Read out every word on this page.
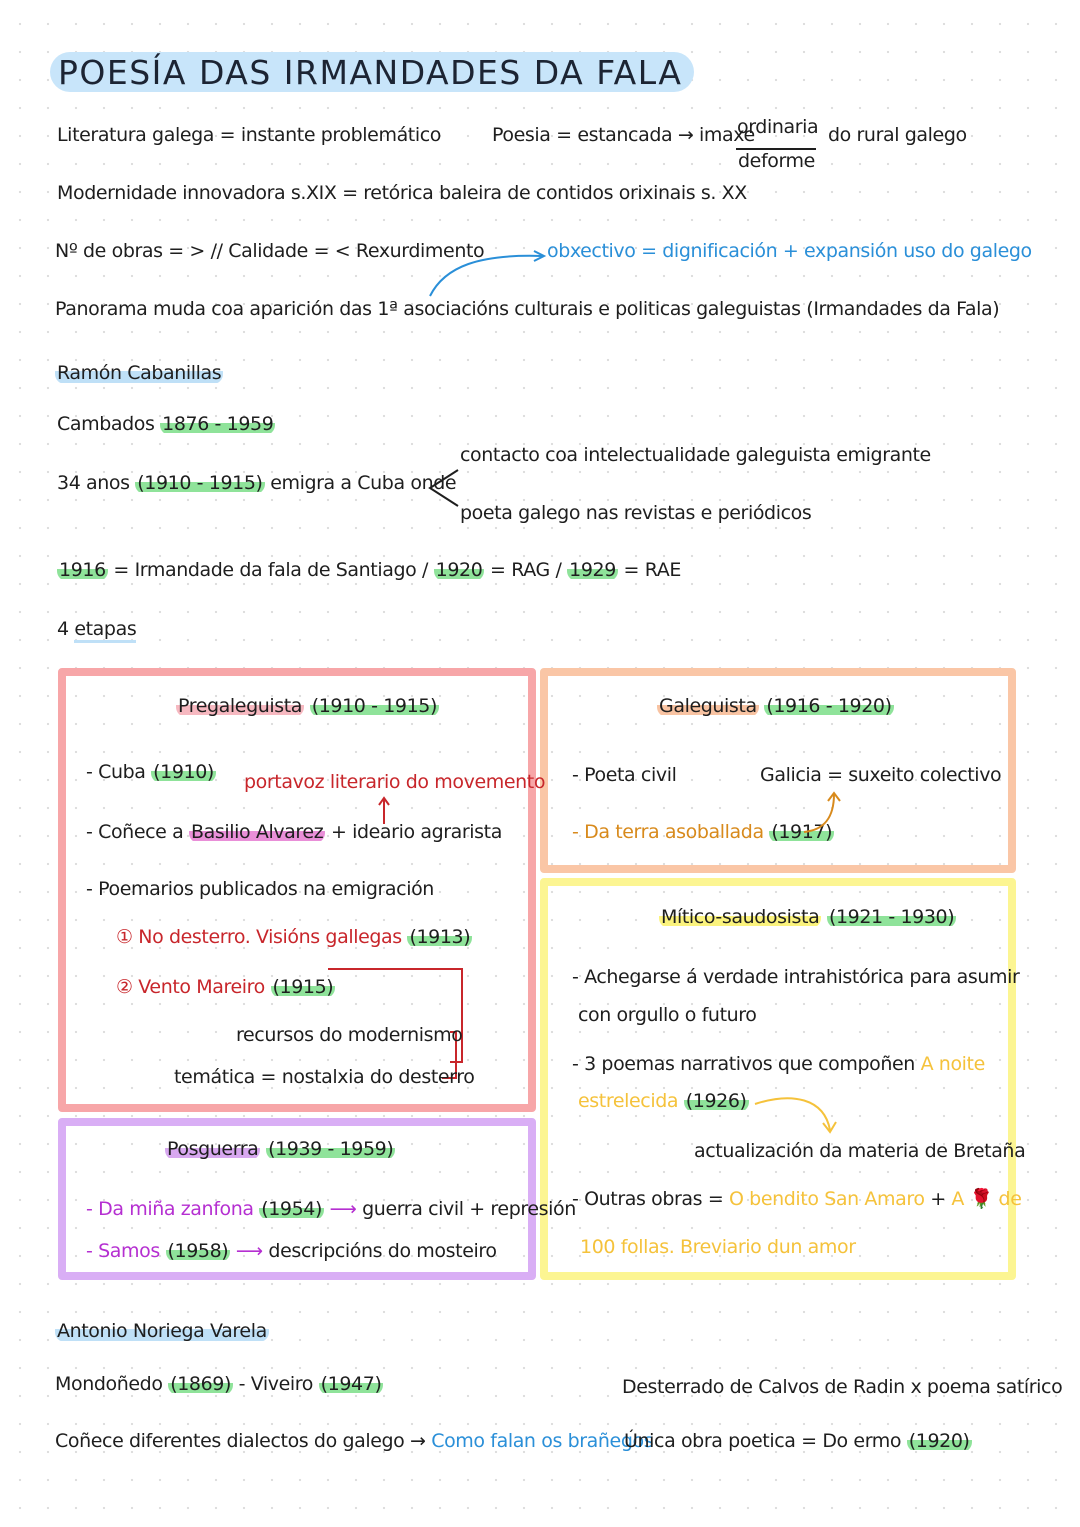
POESÍA DAS IRMANDADES DA FALA
Literatura galega = instante problemático	Poesia = estancada → imaxe
ordinaria
deforme
do rural galego
Modernidade innovadora s.XIX = retórica baleira de contidos orixinais s. XX
Nº de obras = > // Calidade = < Rexurdimento	obxectivo = dignificación + expansión uso do galego
Panorama muda coa aparición das 1ª asociacións culturais e politicas galeguistas (Irmandades da Fala)
Ramón Cabanillas
Cambados 1876 - 1959
34 anos (1910 - 1915) emigra a Cuba onde
contacto coa intelectualidade galeguista emigrante
poeta galego nas revistas e periódicos
1916 = Irmandade da fala de Santiago / 1920 = RAG / 1929 = RAE
4 etapas
Pregaleguista (1910 - 1915)
- Cuba (1910) portavoz literario do movemento
- Coñece a Basilio Alvarez + ideario agrarista
- Poemarios publicados na emigración
① No desterro. Visións gallegas (1913)
② Vento Mareiro (1915)
recursos do modernismo
temática = nostalxia do desterro
Galeguista (1916 - 1920)
- Poeta civil	Galicia = suxeito colectivo
- Da terra asoballada (1917)
Mítico-saudosista (1921 - 1930)
- Achegarse á verdade intrahistórica para asumir
con orgullo o futuro
- 3 poemas narrativos que compoñen A noite
estrelecida (1926)
actualización da materia de Bretaña
- Outras obras = O bendito San Amaro + A 🌹 de
100 follas. Breviario dun amor
Posguerra (1939 - 1959)
- Da miña zanfona (1954) ⟶ guerra civil + represión
- Samos (1958) ⟶ descripcións do mosteiro
Antonio Noriega Varela
Mondoñedo (1869) - Viveiro (1947)	Desterrado de Calvos de Radin x poema satírico
Coñece diferentes dialectos do galego → Como falan os brañegos
Única obra poetica = Do ermo (1920)
